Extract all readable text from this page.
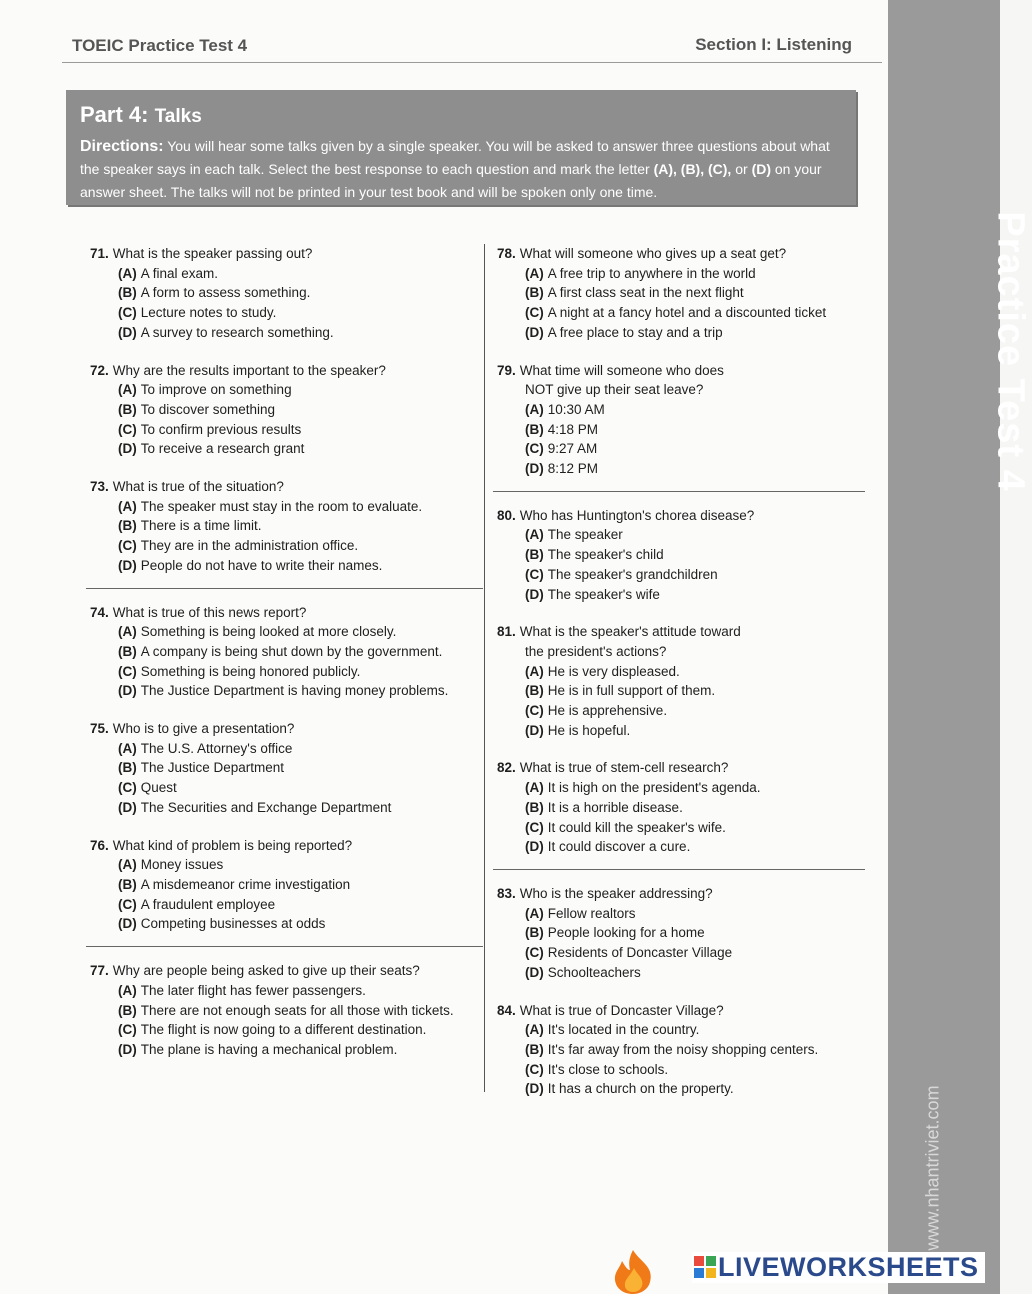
TOEIC Practice Test 4	Section I: Listening
Part 4: Talks
Directions: You will hear some talks given by a single speaker. You will be asked to answer three questions about what the speaker says in each talk. Select the best response to each question and mark the letter (A), (B), (C), or (D) on your answer sheet. The talks will not be printed in your test book and will be spoken only one time.
71. What is the speaker passing out?
(A) A final exam.
(B) A form to assess something.
(C) Lecture notes to study.
(D) A survey to research something.
72. Why are the results important to the speaker?
(A) To improve on something
(B) To discover something
(C) To confirm previous results
(D) To receive a research grant
73. What is true of the situation?
(A) The speaker must stay in the room to evaluate.
(B) There is a time limit.
(C) They are in the administration office.
(D) People do not have to write their names.
74. What is true of this news report?
(A) Something is being looked at more closely.
(B) A company is being shut down by the government.
(C) Something is being honored publicly.
(D) The Justice Department is having money problems.
75. Who is to give a presentation?
(A) The U.S. Attorney's office
(B) The Justice Department
(C) Quest
(D) The Securities and Exchange Department
76. What kind of problem is being reported?
(A) Money issues
(B) A misdemeanor crime investigation
(C) A fraudulent employee
(D) Competing businesses at odds
77. Why are people being asked to give up their seats?
(A) The later flight has fewer passengers.
(B) There are not enough seats for all those with tickets.
(C) The flight is now going to a different destination.
(D) The plane is having a mechanical problem.
78. What will someone who gives up a seat get?
(A) A free trip to anywhere in the world
(B) A first class seat in the next flight
(C) A night at a fancy hotel and a discounted ticket
(D) A free place to stay and a trip
79. What time will someone who does
NOT give up their seat leave?
(A) 10:30 AM
(B) 4:18 PM
(C) 9:27 AM
(D) 8:12 PM
80. Who has Huntington's chorea disease?
(A) The speaker
(B) The speaker's child
(C) The speaker's grandchildren
(D) The speaker's wife
81. What is the speaker's attitude toward
the president's actions?
(A) He is very displeased.
(B) He is in full support of them.
(C) He is apprehensive.
(D) He is hopeful.
82. What is true of stem-cell research?
(A) It is high on the president's agenda.
(B) It is a horrible disease.
(C) It could kill the speaker's wife.
(D) It could discover a cure.
83. Who is the speaker addressing?
(A) Fellow realtors
(B) People looking for a home
(C) Residents of Doncaster Village
(D) Schoolteachers
84. What is true of Doncaster Village?
(A) It's located in the country.
(B) It's far away from the noisy shopping centers.
(C) It's close to schools.
(D) It has a church on the property.
Practice Test 4
www.nhantriviet.com
LIVEWORKSHEETS
